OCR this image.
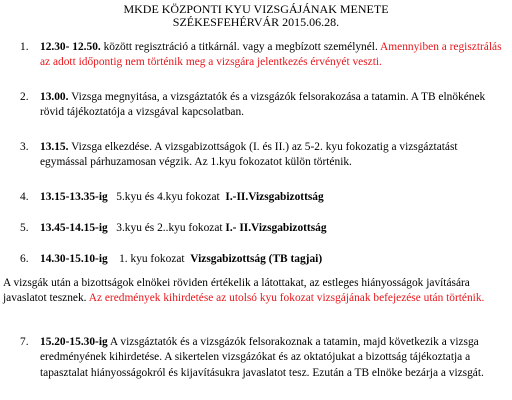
MKDE KÖZPONTI KYU VIZSGÁJÁNAK MENETE
SZÉKESFEHÉRVÁR 2015.06.28.
1. 12.30- 12.50. között regisztráció a titkárnál. vagy a megbízott személynél. Amennyiben a regisztrálás az adott időpontig nem történik meg a vizsgára jelentkezés érvényét veszti.
2. 13.00. Vizsga megnyitása, a vizsgáztatók és a vizsgázók felsorakozása a tatamin. A TB elnökének rövid tájékoztatója a vizsgával kapcsolatban.
3. 13.15. Vizsga elkezdése. A vizsgabizottságok (I. és II.) az 5-2. kyu fokozatig a vizsgáztatást egymással párhuzamosan végzik. Az 1.kyu fokozatot külön történik.
4. 13.15-13.35-ig   5.kyu és 4.kyu fokozat  I.-II.Vizsgabizottság
5. 13.45-14.15-ig   3.kyu és 2..kyu fokozat I.- II.Vizsgabizottság
6. 14.30-15.10-ig    1. kyu fokozat  Vizsgabizottság (TB tagjai)
A vizsgák után a bizottságok elnökei röviden értékelik a látottakat, az estleges hiányosságok javítására javaslatot tesznek. Az eredmények kihirdetése az utolsó kyu fokozat vizsgájának befejezése után történik.
7. 15.20-15.30-ig A vizsgáztatók és a vizsgázók felsorakoznak a tatamin, majd következik a vizsga eredményének kihirdetése. A sikertelen vizsgázókat és az oktatójukat a bizottság tájékoztatja a tapasztalat hiányosságokról és kijavításukra javaslatot tesz. Ezután a TB elnöke bezárja a vizsgát.
